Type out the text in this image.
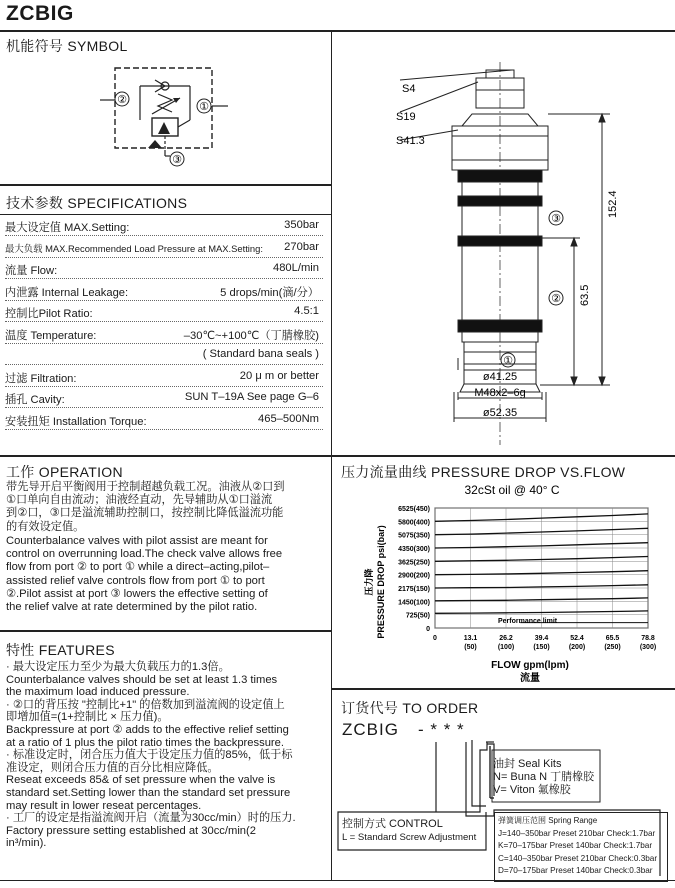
ZCBIG
机能符号 SYMBOL
②
①
③
技术参数 SPECIFICATIONS
最大设定值 MAX.Setting:	350bar
最大负载 MAX.Recommended Load Pressure at MAX.Setting: 270bar
流量 Flow:	480L/min
内泄露 Internal Leakage:	5 drops/min(滴/分）
控制比Pilot Ratio:	4.5:1
温度 Temperature:	–30℃~+100℃（丁腈橡胶)
( Standard bana seals )
过滤 Filtration:	20 μ m or better
插孔 Cavity:	SUN T–19A See page G–6
安装扭矩 Installation Torque:	465–500Nm
工作 OPERATION
带先导开启平衡阀用于控制超越负载工况。油液从②口到
①口单向自由流动；油液经直动，先导辅助从①口溢流
到②口，③口是溢流辅助控制口，按控制比降低溢流功能
的有效设定值。
Counterbalance valves with pilot assist are meant for
control on overrunning load.The check valve allows free
flow from port ② to port ① while a direct–acting,pilot–
assisted relief valve controls flow from port ① to port
②.Pilot assist at port ③ lowers the effective setting of
the relief valve at rate determined by the pilot ratio.
特性 FEATURES
· 最大设定压力至少为最大负载压力的1.3倍。
Counterbalance valves should be set at least 1.3 times
the maximum load induced pressure.
· ②口的背压按 "控制比+1" 的倍数加到溢流阀的设定值上
即增加值=(1+控制比 × 压力值)。
Backpressure at port ② adds to the effective relief setting
at a ratio of 1 plus the pilot ratio times the backpressure.
· 标准设定时，闭合压力值大于设定压力值的85%，低于标
准设定，则闭合压力值的百分比相应降低。
Reseat exceeds 85& of set pressure when the valve is
standard set.Setting lower than the standard set pressure
may result in lower reseat percentages.
· 工厂的设定是指溢流阀开启（流量为30cc/min）时的压力.
Factory pressure setting established at 30cc/min(2
in³/min).
S4
S19
S41.3
152.4
63.5
③
②
①
ø41.25
M48x2–6g
ø52.35
压力流量曲线 PRESSURE DROP VS.FLOW
32cSt oil @ 40° C
压力降 PRESSURE DROP psi(bar)
FLOW gpm(lpm)
流量
0
725(50)
1450(100)
2175(150)
2900(200)
3625(250)
4350(300)
5075(350)
5800(400)
6525(450)
0	13.1
(50)
26.2
(100)
39.4
(150)
52.4
(200)
65.5
(250)
78.8
(300)
Performance limit
订货代号 TO ORDER
ZCBIG - * * *
油封 Seal Kits
N= Buna N 丁腈橡胶
V= Viton 氟橡胶
控制方式 CONTROL
L = Standard Screw Adjustment
弹簧调压范围 Spring Range
J=140–350bar Preset 210bar Check:1.7bar
K=70–175bar Preset 140bar Check:1.7bar
C=140–350bar Preset 210bar Check:0.3bar
D=70–175bar Preset 140bar Check:0.3bar
